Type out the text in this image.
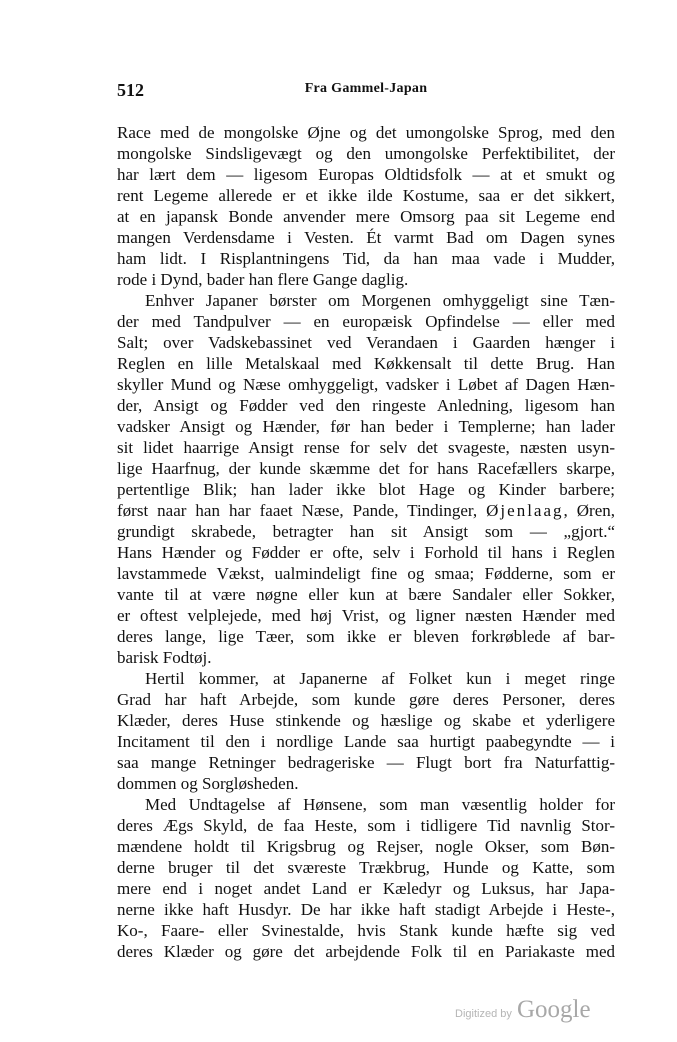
512	Fra Gammel-Japan
Race med de mongolske Øjne og det umongolske Sprog, med den
mongolske Sindsligevægt og den umongolske Perfektibilitet, der
har lært dem — ligesom Europas Oldtidsfolk — at et smukt og
rent Legeme allerede er et ikke ilde Kostume, saa er det sikkert,
at en japansk Bonde anvender mere Omsorg paa sit Legeme end
mangen Verdensdame i Vesten. Ét varmt Bad om Dagen synes
ham lidt. I Risplantningens Tid, da han maa vade i Mudder,
rode i Dynd, bader han flere Gange daglig.
Enhver Japaner børster om Morgenen omhyggeligt sine Tæn-
der med Tandpulver — en europæisk Opfindelse — eller med
Salt; over Vadskebassinet ved Verandaen i Gaarden hænger i
Reglen en lille Metalskaal med Køkkensalt til dette Brug. Han
skyller Mund og Næse omhyggeligt, vadsker i Løbet af Dagen Hæn-
der, Ansigt og Fødder ved den ringeste Anledning, ligesom han
vadsker Ansigt og Hænder, før han beder i Templerne; han lader
sit lidet haarrige Ansigt rense for selv det svageste, næsten usyn-
lige Haarfnug, der kunde skæmme det for hans Racefællers skarpe,
pertentlige Blik; han lader ikke blot Hage og Kinder barbere;
først naar han har faaet Næse, Pande, Tindinger, Øjenlaag, Øren,
grundigt skrabede, betragter han sit Ansigt som — „gjort.“
Hans Hænder og Fødder er ofte, selv i Forhold til hans i Reglen
lavstammede Vækst, ualmindeligt fine og smaa; Fødderne, som er
vante til at være nøgne eller kun at bære Sandaler eller Sokker,
er oftest velplejede, med høj Vrist, og ligner næsten Hænder med
deres lange, lige Tæer, som ikke er bleven forkrøblede af bar-
barisk Fodtøj.
Hertil kommer, at Japanerne af Folket kun i meget ringe
Grad har haft Arbejde, som kunde gøre deres Personer, deres
Klæder, deres Huse stinkende og hæslige og skabe et yderligere
Incitament til den i nordlige Lande saa hurtigt paabegyndte — i
saa mange Retninger bedrageriske — Flugt bort fra Naturfattig-
dommen og Sorgløsheden.
Med Undtagelse af Hønsene, som man væsentlig holder for
deres Ægs Skyld, de faa Heste, som i tidligere Tid navnlig Stor-
mændene holdt til Krigsbrug og Rejser, nogle Okser, som Bøn-
derne bruger til det sværeste Trækbrug, Hunde og Katte, som
mere end i noget andet Land er Kæledyr og Luksus, har Japa-
nerne ikke haft Husdyr. De har ikke haft stadigt Arbejde i Heste-,
Ko-, Faare- eller Svinestalde, hvis Stank kunde hæfte sig ved
deres Klæder og gøre det arbejdende Folk til en Pariakaste med
Digitized by Google
